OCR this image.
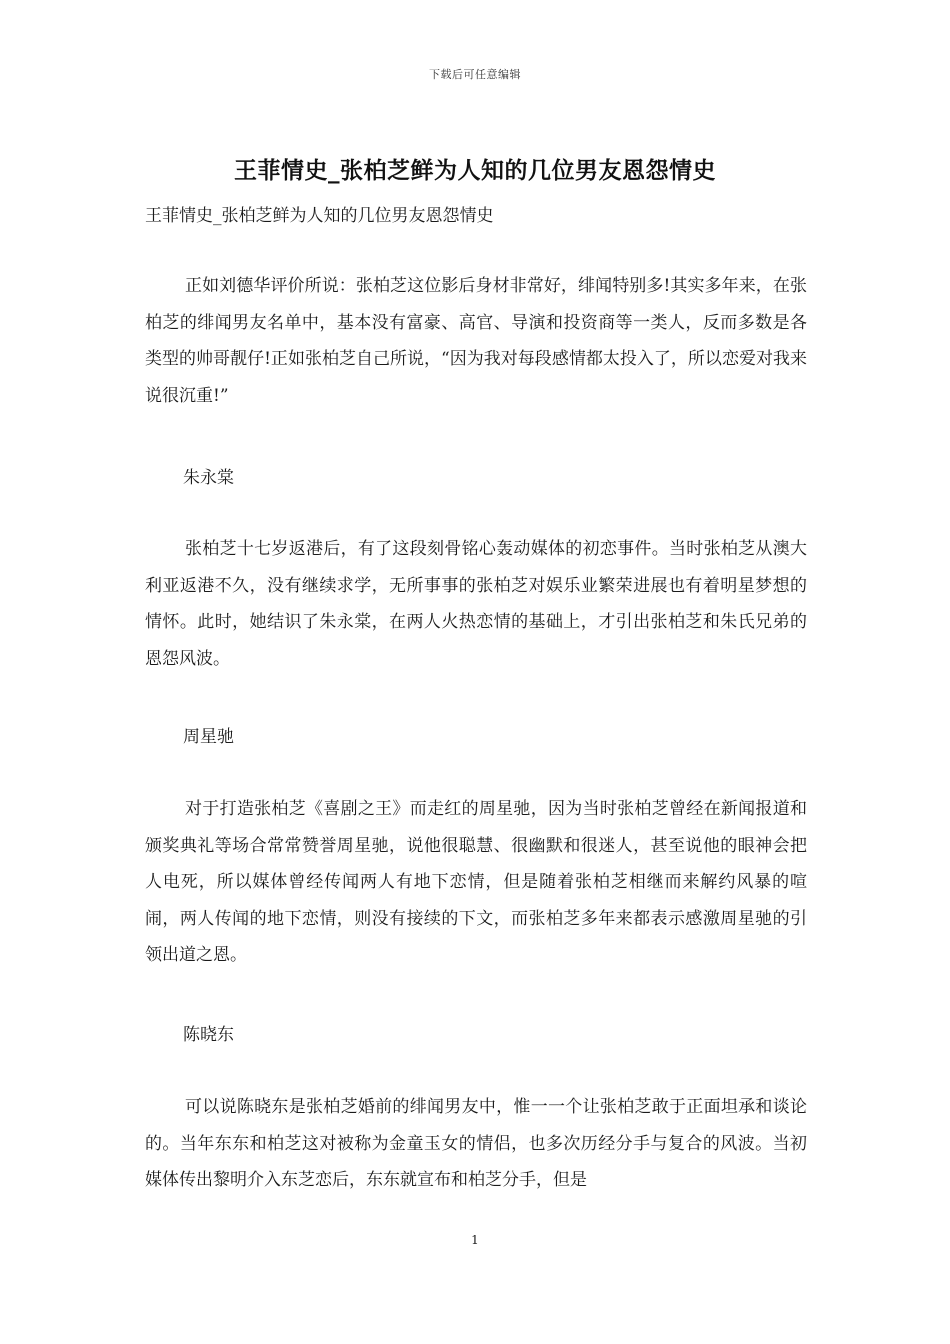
下载后可任意编辑
王菲情史_张柏芝鲜为人知的几位男友恩怨情史
王菲情史_张柏芝鲜为人知的几位男友恩怨情史

正如刘德华评价所说：张柏芝这位影后身材非常好，绯闻特别多!其实多年来，在张柏芝的绯闻男友名单中，基本没有富豪、高官、导演和投资商等一类人，反而多数是各类型的帅哥靓仔!正如张柏芝自己所说，“因为我对每段感情都太投入了，所以恋爱对我来说很沉重!”

朱永棠

张柏芝十七岁返港后，有了这段刻骨铭心轰动媒体的初恋事件。当时张柏芝从澳大利亚返港不久，没有继续求学，无所事事的张柏芝对娱乐业繁荣进展也有着明星梦想的情怀。此时，她结识了朱永棠，在两人火热恋情的基础上，才引出张柏芝和朱氏兄弟的恩怨风波。

周星驰

对于打造张柏芝《喜剧之王》而走红的周星驰，因为当时张柏芝曾经在新闻报道和颁奖典礼等场合常常赞誉周星驰，说他很聪慧、很幽默和很迷人，甚至说他的眼神会把人电死，所以媒体曾经传闻两人有地下恋情，但是随着张柏芝相继而来解约风暴的喧闹，两人传闻的地下恋情，则没有接续的下文，而张柏芝多年来都表示感激周星驰的引领出道之恩。

陈晓东

可以说陈晓东是张柏芝婚前的绯闻男友中，惟一一个让张柏芝敢于正面坦承和谈论的。当年东东和柏芝这对被称为金童玉女的情侣，也多次历经分手与复合的风波。当初媒体传出黎明介入东芝恋后，东东就宣布和柏芝分手，但是

1
